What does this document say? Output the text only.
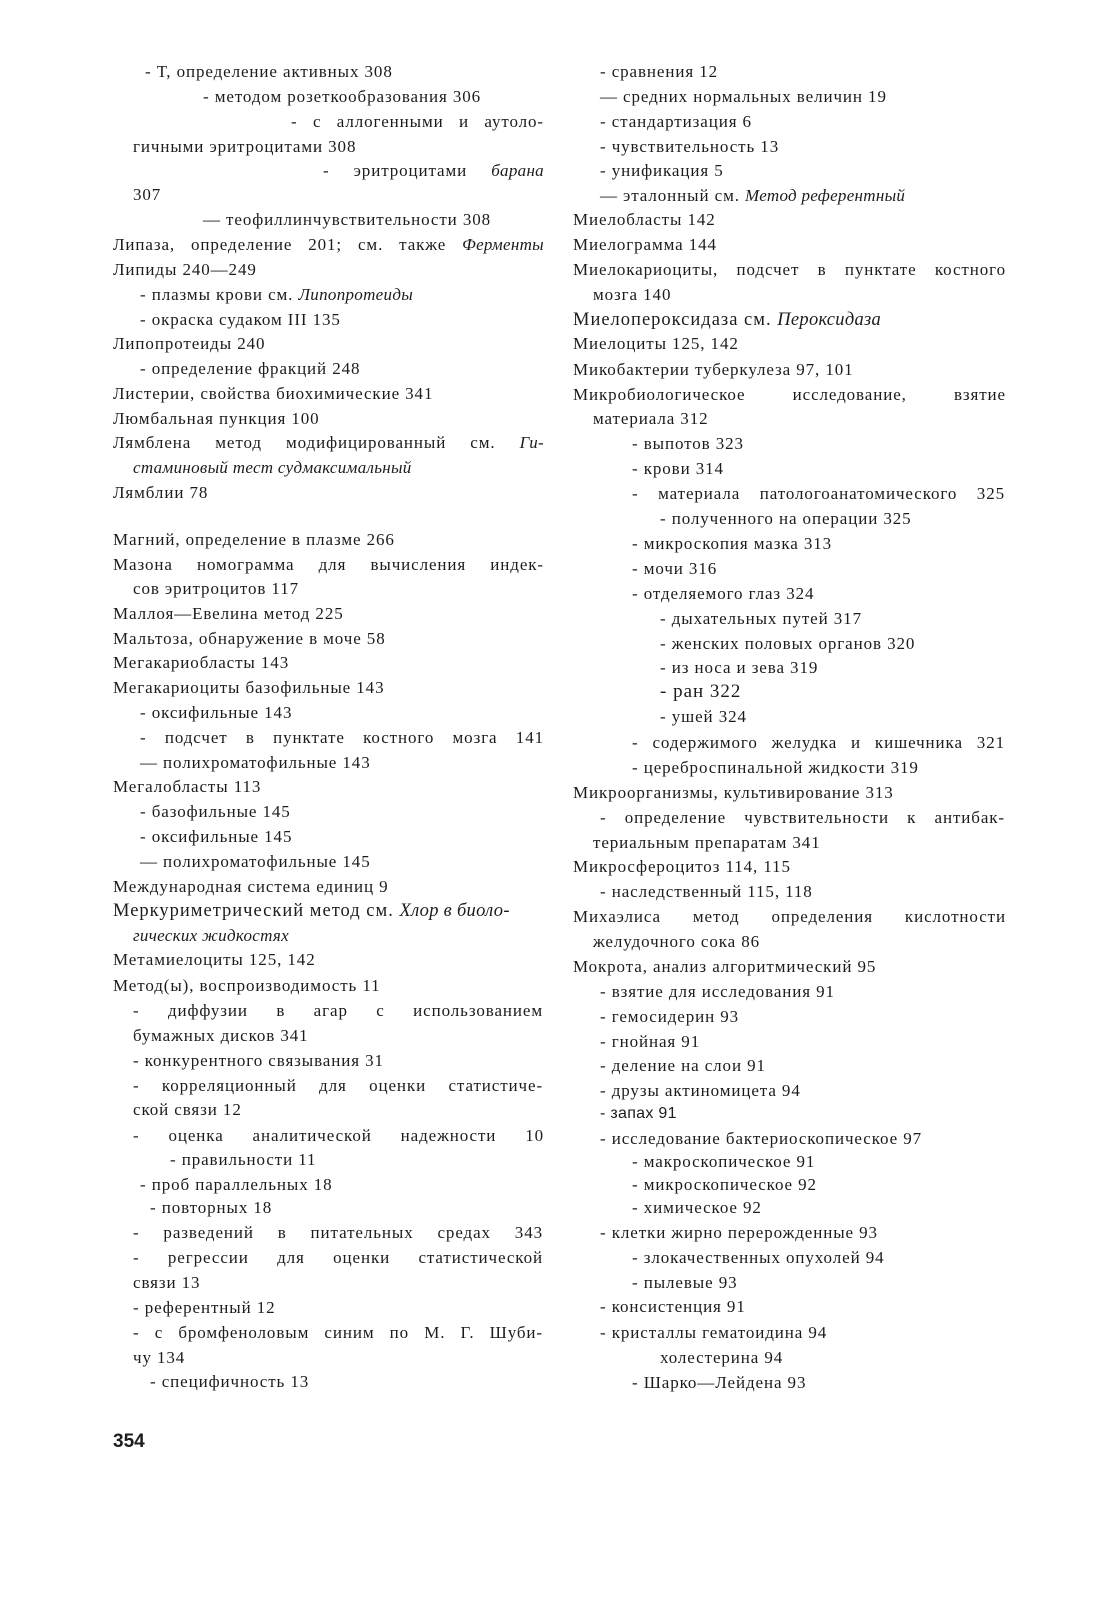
- Т, определение активных 308
- методом розеткообразования 306
- с аллогенными и аутоло-
гичными эритроцитами 308
- эритроцитами барана
307
— теофиллинчувствительности 308
Липаза, определение 201; см. также Ферменты
Липиды 240—249
- плазмы крови см. Липопротеиды
- окраска судаком III 135
Липопротеиды 240
- определение фракций 248
Листерии, свойства биохимические 341
Люмбальная пункция 100
Лямблена метод модифицированный см. Ги-
стаминовый тест судмаксимальный
Лямблии 78
Магний, определение в плазме 266
Мазона номограмма для вычисления индек-
сов эритроцитов 117
Маллоя—Евелина метод 225
Мальтоза, обнаружение в моче 58
Мегакариобласты 143
Мегакариоциты базофильные 143
- оксифильные 143
- подсчет в пунктате костного мозга 141
— полихроматофильные 143
Мегалобласты 113
- базофильные 145
- оксифильные 145
— полихроматофильные 145
Международная система единиц 9
Меркуриметрический метод см. Хлор в биоло-
гических жидкостях
Метамиелоциты 125, 142
Метод(ы), воспроизводимость 11
- диффузии в агар с использованием
бумажных дисков 341
- конкурентного связывания 31
- корреляционный для оценки статистиче-
ской связи 12
- оценка аналитической надежности 10
- правильности 11
- проб параллельных 18
- повторных 18
- разведений в питательных средах 343
- регрессии для оценки статистической
связи 13
- референтный 12
- с бромфеноловым синим по М. Г. Шуби-
чу 134
- специфичность 13
- сравнения 12
— средних нормальных величин 19
- стандартизация 6
- чувствительность 13
- унификация 5
— эталонный см. Метод референтный
Миелобласты 142
Миелограмма 144
Миелокариоциты, подсчет в пунктате костного
мозга 140
Миелопероксидаза см. Пероксидаза
Миелоциты 125, 142
Микобактерии туберкулеза 97, 101
Микробиологическое исследование, взятие
материала 312
- выпотов 323
- крови 314
- материала патологоанатомического 325
- полученного на операции 325
- микроскопия мазка 313
- мочи 316
- отделяемого глаз 324
- дыхательных путей 317
- женских половых органов 320
- из носа и зева 319
- ран 322
- ушей 324
- содержимого желудка и кишечника 321
- цереброспинальной жидкости 319
Микроорганизмы, культивирование 313
- определение чувствительности к антибак-
териальным препаратам 341
Микросфероцитоз 114, 115
- наследственный 115, 118
Михаэлиса метод определения кислотности
желудочного сока 86
Мокрота, анализ алгоритмический 95
- взятие для исследования 91
- гемосидерин 93
- гнойная 91
- деление на слои 91
- друзы актиномицета 94
- запах 91
- исследование бактериоскопическое 97
- макроскопическое 91
- микроскопическое 92
- химическое 92
- клетки жирно перерожденные 93
- злокачественных опухолей 94
- пылевые 93
- консистенция 91
- кристаллы гематоидина 94
холестерина 94
- Шарко—Лейдена 93
354
